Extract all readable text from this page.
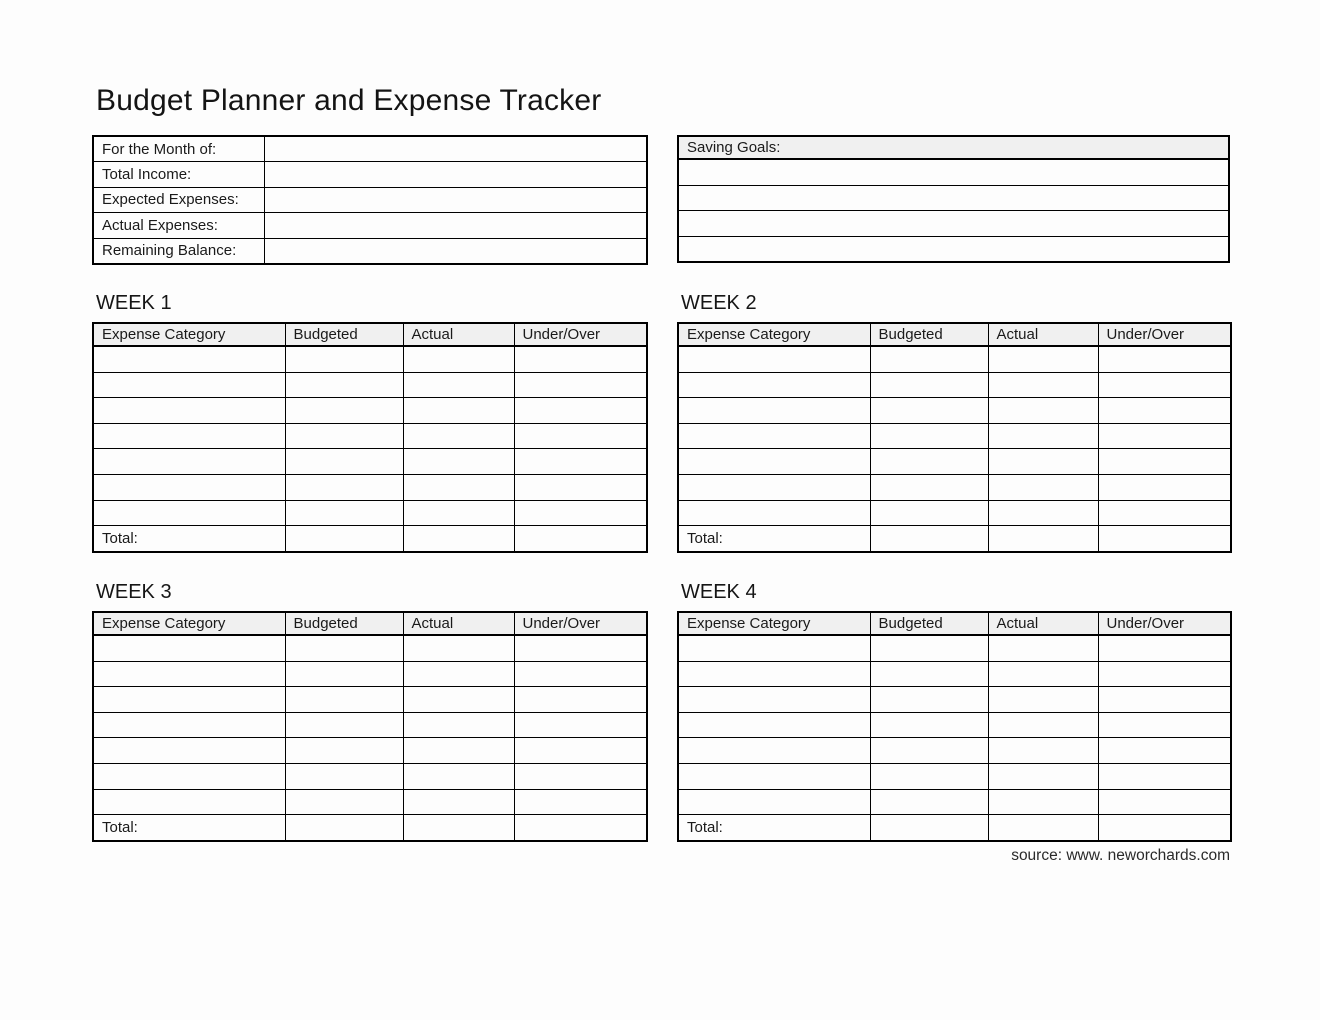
Budget Planner and Expense Tracker
For the Month of:	
Total Income:	
Expected Expenses:	
Actual Expenses:	
Remaining Balance:	
Saving Goals:

WEEK 1
Expense Category	Budgeted	Actual	Under/Over

Total:			
WEEK 2
Expense Category	Budgeted	Actual	Under/Over

Total:			
WEEK 3
Expense Category	Budgeted	Actual	Under/Over

Total:			
WEEK 4
Expense Category	Budgeted	Actual	Under/Over

Total:			
source: www. neworchards.com
